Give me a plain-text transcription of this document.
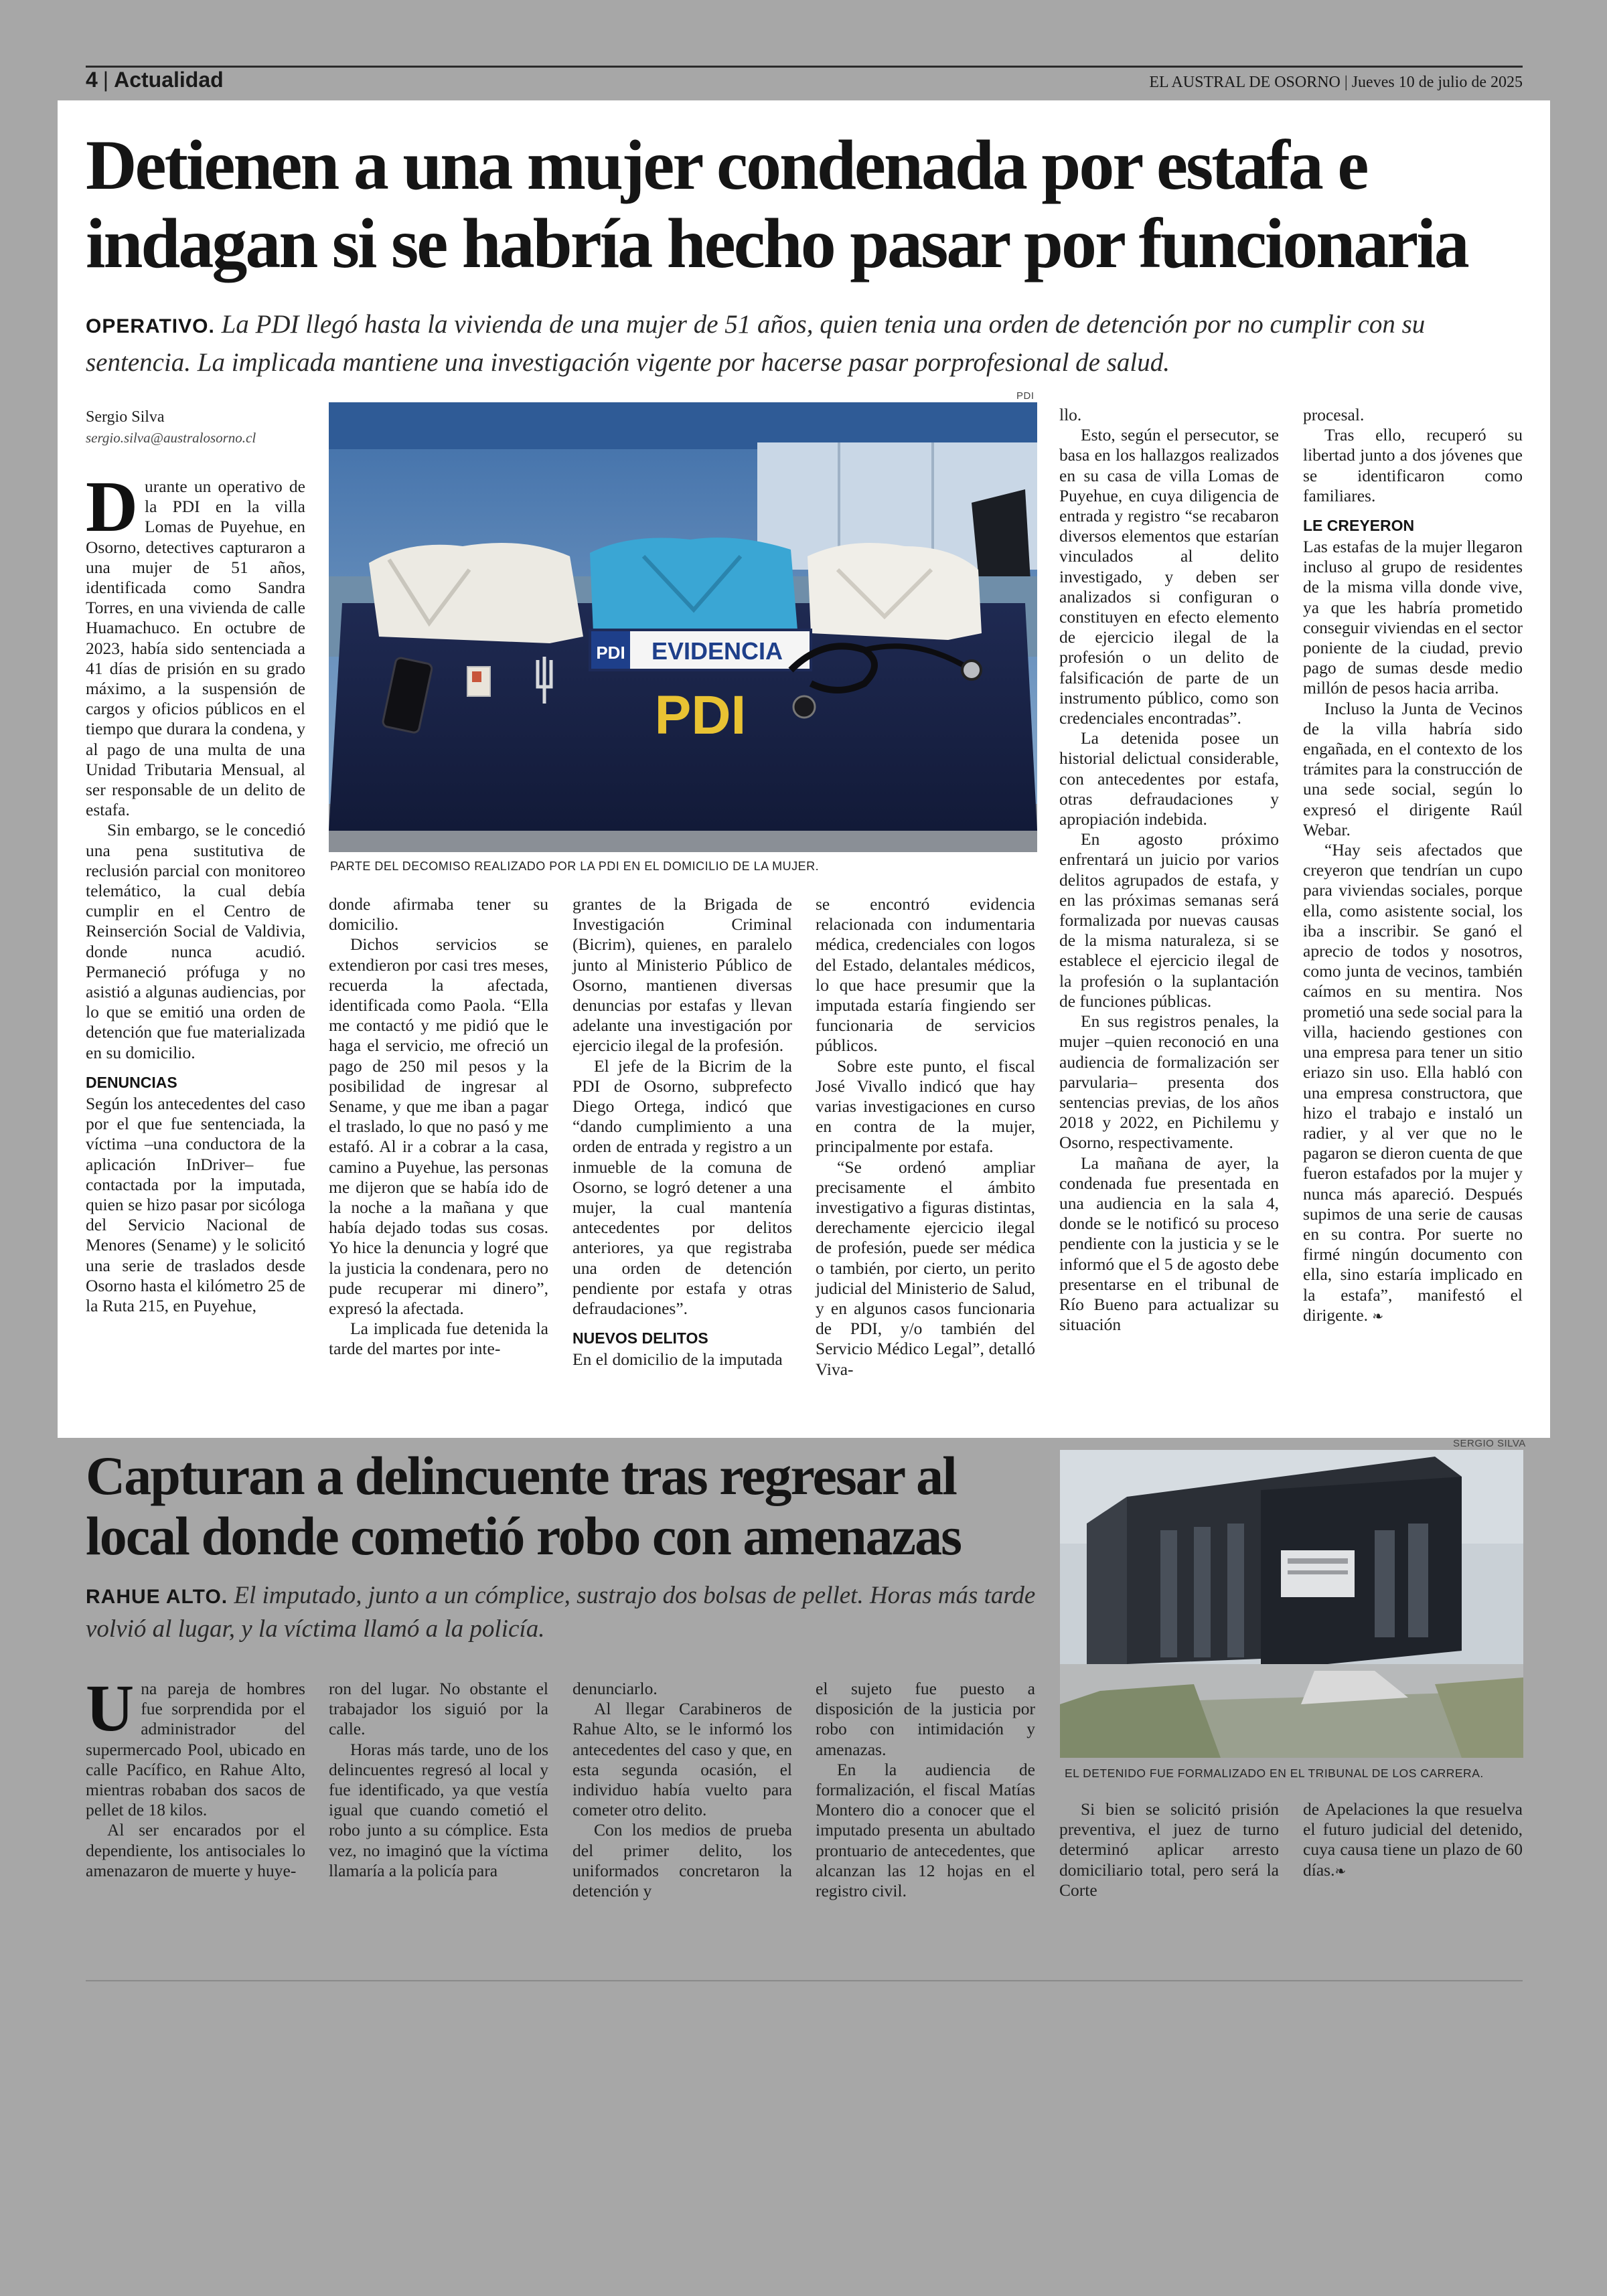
4 | Actualidad	EL AUSTRAL DE OSORNO | Jueves 10 de julio de 2025
Detienen a una mujer condenada por estafa e indagan si se habría hecho pasar por funcionaria
OPERATIVO. La PDI llegó hasta la vivienda de una mujer de 51 años, quien tenia una orden de detención por no cumplir con su sentencia. La implicada mantiene una investigación vigente por hacerse pasar porprofesional de salud.
Sergio Silva
sergio.silva@australosorno.cl
PDI
PDI EVIDENCIA
PDI
PARTE DEL DECOMISO REALIZADO POR LA PDI EN EL DOMICILIO DE LA MUJER.

Durante un operativo de la PDI en la villa Lomas de Puyehue, en Osorno, detectives capturaron a una mujer de 51 años, identificada como Sandra Torres, en una vivienda de calle Huamachuco. En octubre de 2023, había sido sentenciada a 41 días de prisión en su grado máximo, a la suspensión de cargos y oficios públicos en el tiempo que durara la condena, y al pago de una multa de una Unidad Tributaria Mensual, al ser responsable de un delito de estafa.

Sin embargo, se le concedió una pena sustitutiva de reclusión parcial con monitoreo telemático, la cual debía cumplir en el Centro de Reinserción Social de Valdivia, donde nunca acudió. Permaneció prófuga y no asistió a algunas audiencias, por lo que se emitió una orden de detención que fue materializada en su domicilio.

DENUNCIAS

Según los antecedentes del caso por el que fue sentenciada, la víctima –una conductora de la aplicación InDriver– fue contactada por la imputada, quien se hizo pasar por sicóloga del Servicio Nacional de Menores (Sename) y le solicitó una serie de traslados desde Osorno hasta el kilómetro 25 de la Ruta 215, en Puyehue,

donde afirmaba tener su domicilio.

Dichos servicios se extendieron por casi tres meses, recuerda la afectada, identificada como Paola. “Ella me contactó y me pidió que le haga el servicio, me ofreció un pago de 250 mil pesos y la posibilidad de ingresar al Sename, y que me iban a pagar el traslado, lo que no pasó y me estafó. Al ir a cobrar a la casa, camino a Puyehue, las personas me dijeron que se había ido de la noche a la mañana y que había dejado todas sus cosas. Yo hice la denuncia y logré que la justicia la condenara, pero no pude recuperar mi dinero”, expresó la afectada.

La implicada fue detenida la tarde del martes por inte-

grantes de la Brigada de Investigación Criminal (Bicrim), quienes, en paralelo junto al Ministerio Público de Osorno, mantienen diversas denuncias por estafas y llevan adelante una investigación por ejercicio ilegal de la profesión.

El jefe de la Bicrim de la PDI de Osorno, subprefecto Diego Ortega, indicó que “dando cumplimiento a una orden de entrada y registro a un inmueble de la comuna de Osorno, se logró detener a una mujer, la cual mantenía antecedentes por delitos anteriores, ya que registraba una orden de detención pendiente por estafa y otras defraudaciones”.

NUEVOS DELITOS

En el domicilio de la imputada

se encontró evidencia relacionada con indumentaria médica, credenciales con logos del Estado, delantales médicos, lo que hace presumir que la imputada estaría fingiendo ser funcionaria de servicios públicos.

Sobre este punto, el fiscal José Vivallo indicó que hay varias investigaciones en curso en contra de la mujer, principalmente por estafa.

“Se ordenó ampliar precisamente el ámbito investigativo a figuras distintas, derechamente ejercicio ilegal de profesión, puede ser médica o también, por cierto, un perito judicial del Ministerio de Salud, y en algunos casos funcionaria de PDI, y/o también del Servicio Médico Legal”, detalló Viva-

llo.

Esto, según el persecutor, se basa en los hallazgos realizados en su casa de villa Lomas de Puyehue, en cuya diligencia de entrada y registro “se recabaron diversos elementos que estarían vinculados al delito investigado, y deben ser analizados si configuran o constituyen en efecto elemento de ejercicio ilegal de la profesión o un delito de falsificación de parte de un instrumento público, como son credenciales encontradas”.

La detenida posee un historial delictual considerable, con antecedentes por estafa, otras defraudaciones y apropiación indebida.

En agosto próximo enfrentará un juicio por varios delitos agrupados de estafa, y en las próximas semanas será formalizada por nuevas causas de la misma naturaleza, si se establece el ejercicio ilegal de la profesión o la suplantación de funciones públicas.

En sus registros penales, la mujer –quien reconoció en una audiencia de formalización ser parvularia– presenta dos sentencias previas, de los años 2018 y 2022, en Pichilemu y Osorno, respectivamente.

La mañana de ayer, la condenada fue presentada en una audiencia en la sala 4, donde se le notificó su proceso pendiente con la justicia y se le informó que el 5 de agosto debe presentarse en el tribunal de Río Bueno para actualizar su situación

procesal.

Tras ello, recuperó su libertad junto a dos jóvenes que se identificaron como familiares.

LE CREYERON

Las estafas de la mujer llegaron incluso al grupo de residentes de la misma villa donde vive, ya que les habría prometido conseguir viviendas en el sector poniente de la ciudad, previo pago de sumas desde medio millón de pesos hacia arriba.

Incluso la Junta de Vecinos de la villa habría sido engañada, en el contexto de los trámites para la construcción de una sede social, según lo expresó el dirigente Raúl Webar.

“Hay seis afectados que creyeron que tendrían un cupo para viviendas sociales, porque ella, como asistente social, los iba a inscribir. Se ganó el aprecio de todos y nosotros, como junta de vecinos, también caímos en su mentira. Nos prometió una sede social para la villa, haciendo gestiones con una empresa para tener un sitio eriazo sin uso. Ella habló con una empresa constructora, que hizo el trabajo e instaló un radier, y al ver que no le pagaron se dieron cuenta de que fueron estafados por la mujer y nunca más apareció. Después supimos de una serie de causas en su contra. Por suerte no firmé ningún documento con ella, sino estaría implicado en la estafa”, manifestó el dirigente. ❧

Capturan a delincuente tras regresar al local donde cometió robo con amenazas
RAHUE ALTO. El imputado, junto a un cómplice, sustrajo dos bolsas de pellet. Horas más tarde volvió al lugar, y la víctima llamó a la policía.
SERGIO SILVA
EL DETENIDO FUE FORMALIZADO EN EL TRIBUNAL DE LOS CARRERA.

Una pareja de hombres fue sorprendida por el administrador del supermercado Pool, ubicado en calle Pacífico, en Rahue Alto, mientras robaban dos sacos de pellet de 18 kilos.

Al ser encarados por el dependiente, los antisociales lo amenazaron de muerte y huye-

ron del lugar. No obstante el trabajador los siguió por la calle.

Horas más tarde, uno de los delincuentes regresó al local y fue identificado, ya que vestía igual que cuando cometió el robo junto a su cómplice. Esta vez, no imaginó que la víctima llamaría a la policía para

denunciarlo.

Al llegar Carabineros de Rahue Alto, se le informó los antecedentes del caso y que, en esta segunda ocasión, el individuo había vuelto para cometer otro delito.

Con los medios de prueba del primer delito, los uniformados concretaron la detención y

el sujeto fue puesto a disposición de la justicia por robo con intimidación y amenazas.

En la audiencia de formalización, el fiscal Matías Montero dio a conocer que el imputado presenta un abultado prontuario de antecedentes, que alcanzan las 12 hojas en el registro civil.

Si bien se solicitó prisión preventiva, el juez de turno determinó aplicar arresto domiciliario total, pero será la Corte

de Apelaciones la que resuelva el futuro judicial del detenido, cuya causa tiene un plazo de 60 días.❧
